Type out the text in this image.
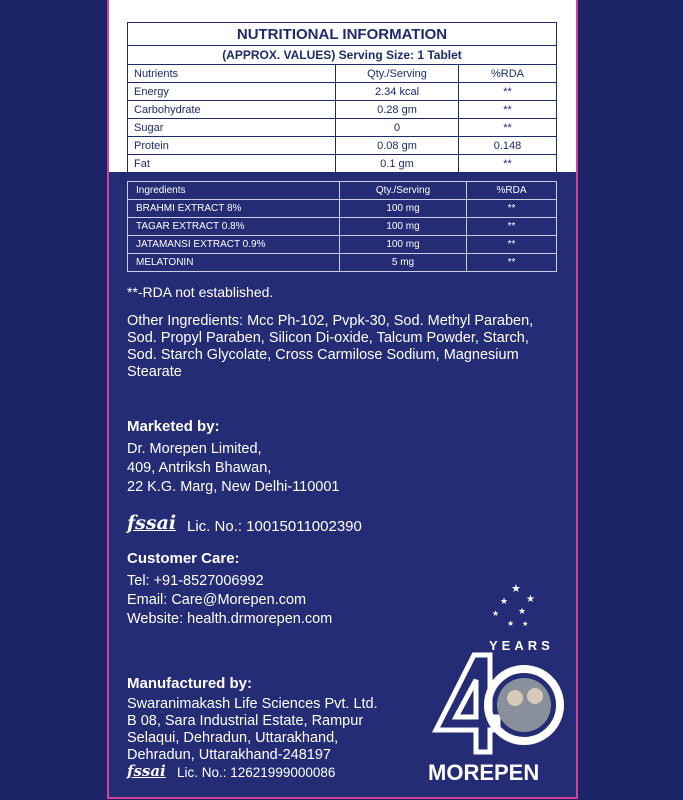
NUTRITIONAL INFORMATION		
(APPROX. VALUES) Serving Size: 1 Tablet		
Nutrients	Qty./Serving	%RDA
Energy	2.34 kcal	**
Carbohydrate	0.28 gm	**
Sugar	0	**
Protein	0.08 gm	0.148
Fat	0.1 gm	**
Ingredients	Qty./Serving	%RDA
BRAHMI EXTRACT 8%	100 mg	**
TAGAR EXTRACT 0.8%	100 mg	**
JATAMANSI EXTRACT 0.9%	100 mg	**
MELATONIN	5 mg	**
**-RDA not established.
Other Ingredients: Mcc Ph-102, Pvpk-30, Sod. Methyl Paraben, Sod. Propyl Paraben, Silicon Di-oxide, Talcum Powder, Starch, Sod. Starch Glycolate, Cross Carmilose Sodium, Magnesium Stearate
Marketed by:
Dr. Morepen Limited,
409, Antriksh Bhawan,
22 K.G. Marg, New Delhi-110001
fssai Lic. No.: 10015011002390
Customer Care:
Tel: +91-8527006992
Email: Care@Morepen.com
Website: health.drmorepen.com
Manufactured by:
Swaranimakash Life Sciences Pvt. Ltd.
B 08, Sara Industrial Estate, Rampur
Selaqui, Dehradun, Uttarakhand,
Dehradun, Uttarakhand-248197
fssai Lic. No.: 12621999000086
★
★
★
★
★
★ ★
YEARS
MOREPEN
